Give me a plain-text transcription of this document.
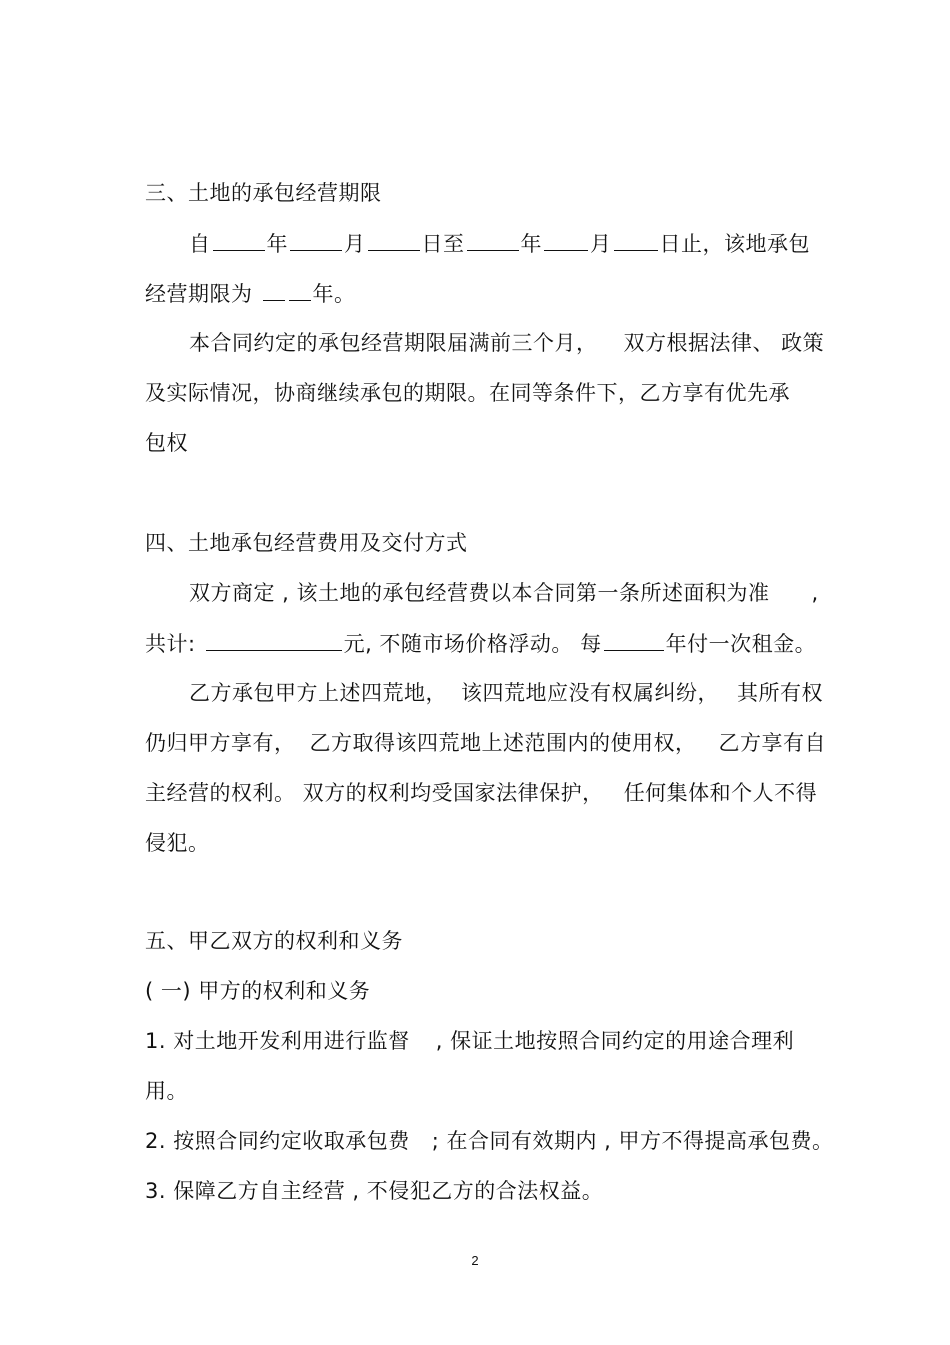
三、土地的承包经营期限
自	年	月	日至	年 月 日止，该地承包
经营期限为	年。
本合同约定的承包经营期限届满前三个月， 双方根据法律、 政策
及实际情况，协商继续承包的期限。在同等条件下，乙方享有优先承
包权
四、土地承包经营费用及交付方式
双方商定 , 该土地的承包经营费以本合同第一条所述面积为准 ,
共计:	元, 不随市场价格浮动。 每	年付一次租金。
乙方承包甲方上述四荒地， 该四荒地应没有权属纠纷， 其所有权
仍归甲方享有， 乙方取得该四荒地上述范围内的使用权， 乙方享有自
主经营的权利。 双方的权利均受国家法律保护， 任何集体和个人不得
侵犯。
五、甲乙双方的权利和义务
( 一) 甲方的权利和义务
1. 对土地开发利用进行监督 , 保证土地按照合同约定的用途合理利
用。
2. 按照合同约定收取承包费 ; 在合同有效期内 , 甲方不得提高承包费。
3. 保障乙方自主经营 , 不侵犯乙方的合法权益。
2
